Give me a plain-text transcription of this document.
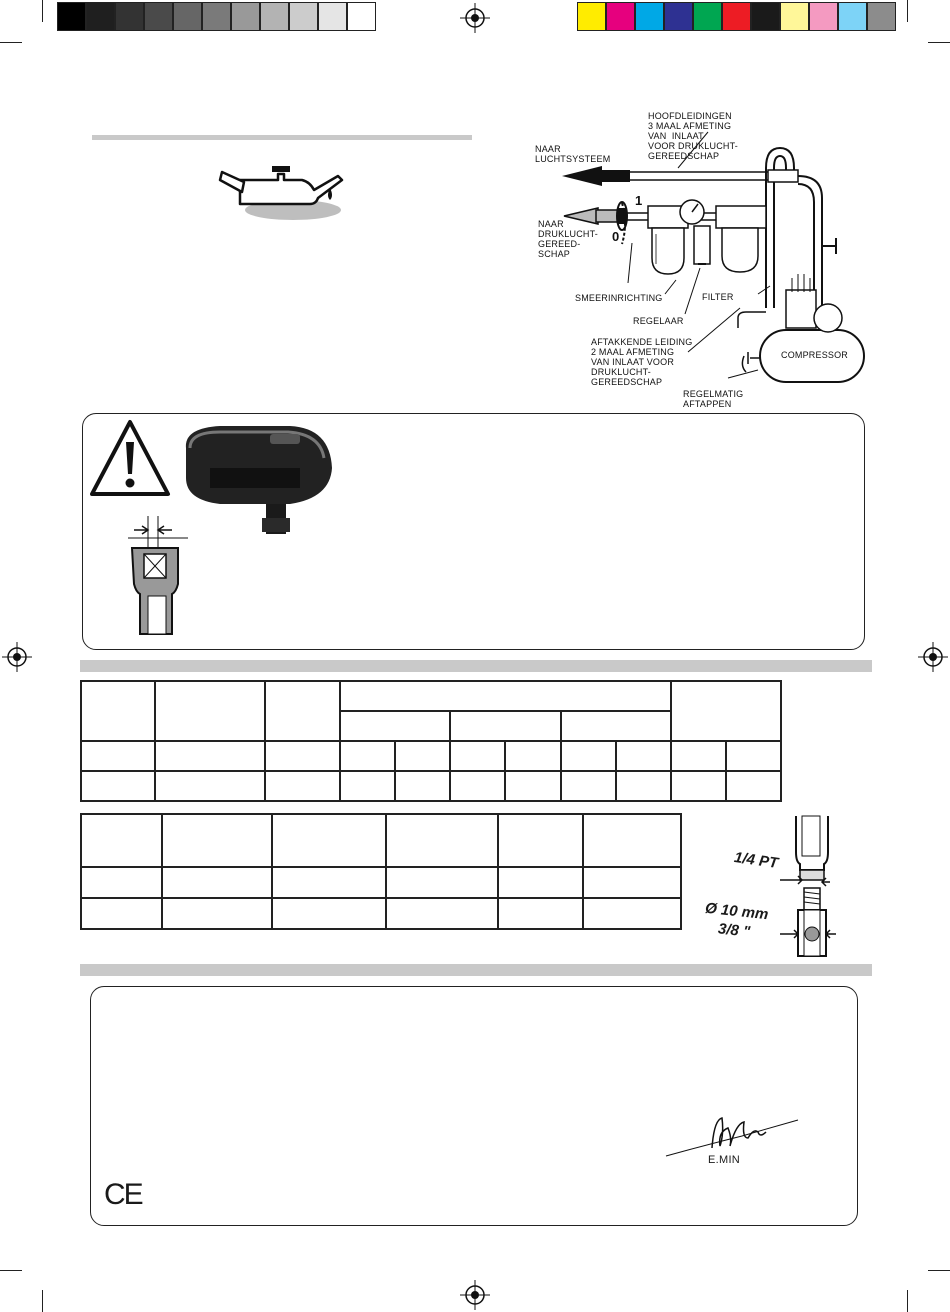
HOOFDLEIDINGEN
3 MAAL AFMETING
VAN  INLAAT
VOOR DRUKLUCHT-
GEREEDSCHAP
NAAR
LUCHTSYSTEEM
NAAR
DRUKLUCHT-
GEREED-
SCHAP
1
0
SMEERINRICHTING	FILTER
REGELAAR
AFTAKKENDE LEIDING
2 MAAL AFMETING
VAN INLAAT VOOR
DRUKLUCHT-
GEREEDSCHAP
REGELMATIG
AFTAPPEN
COMPRESSOR

1/4 PT
Ø 10 mm
3/8 "
E.MIN
CE
